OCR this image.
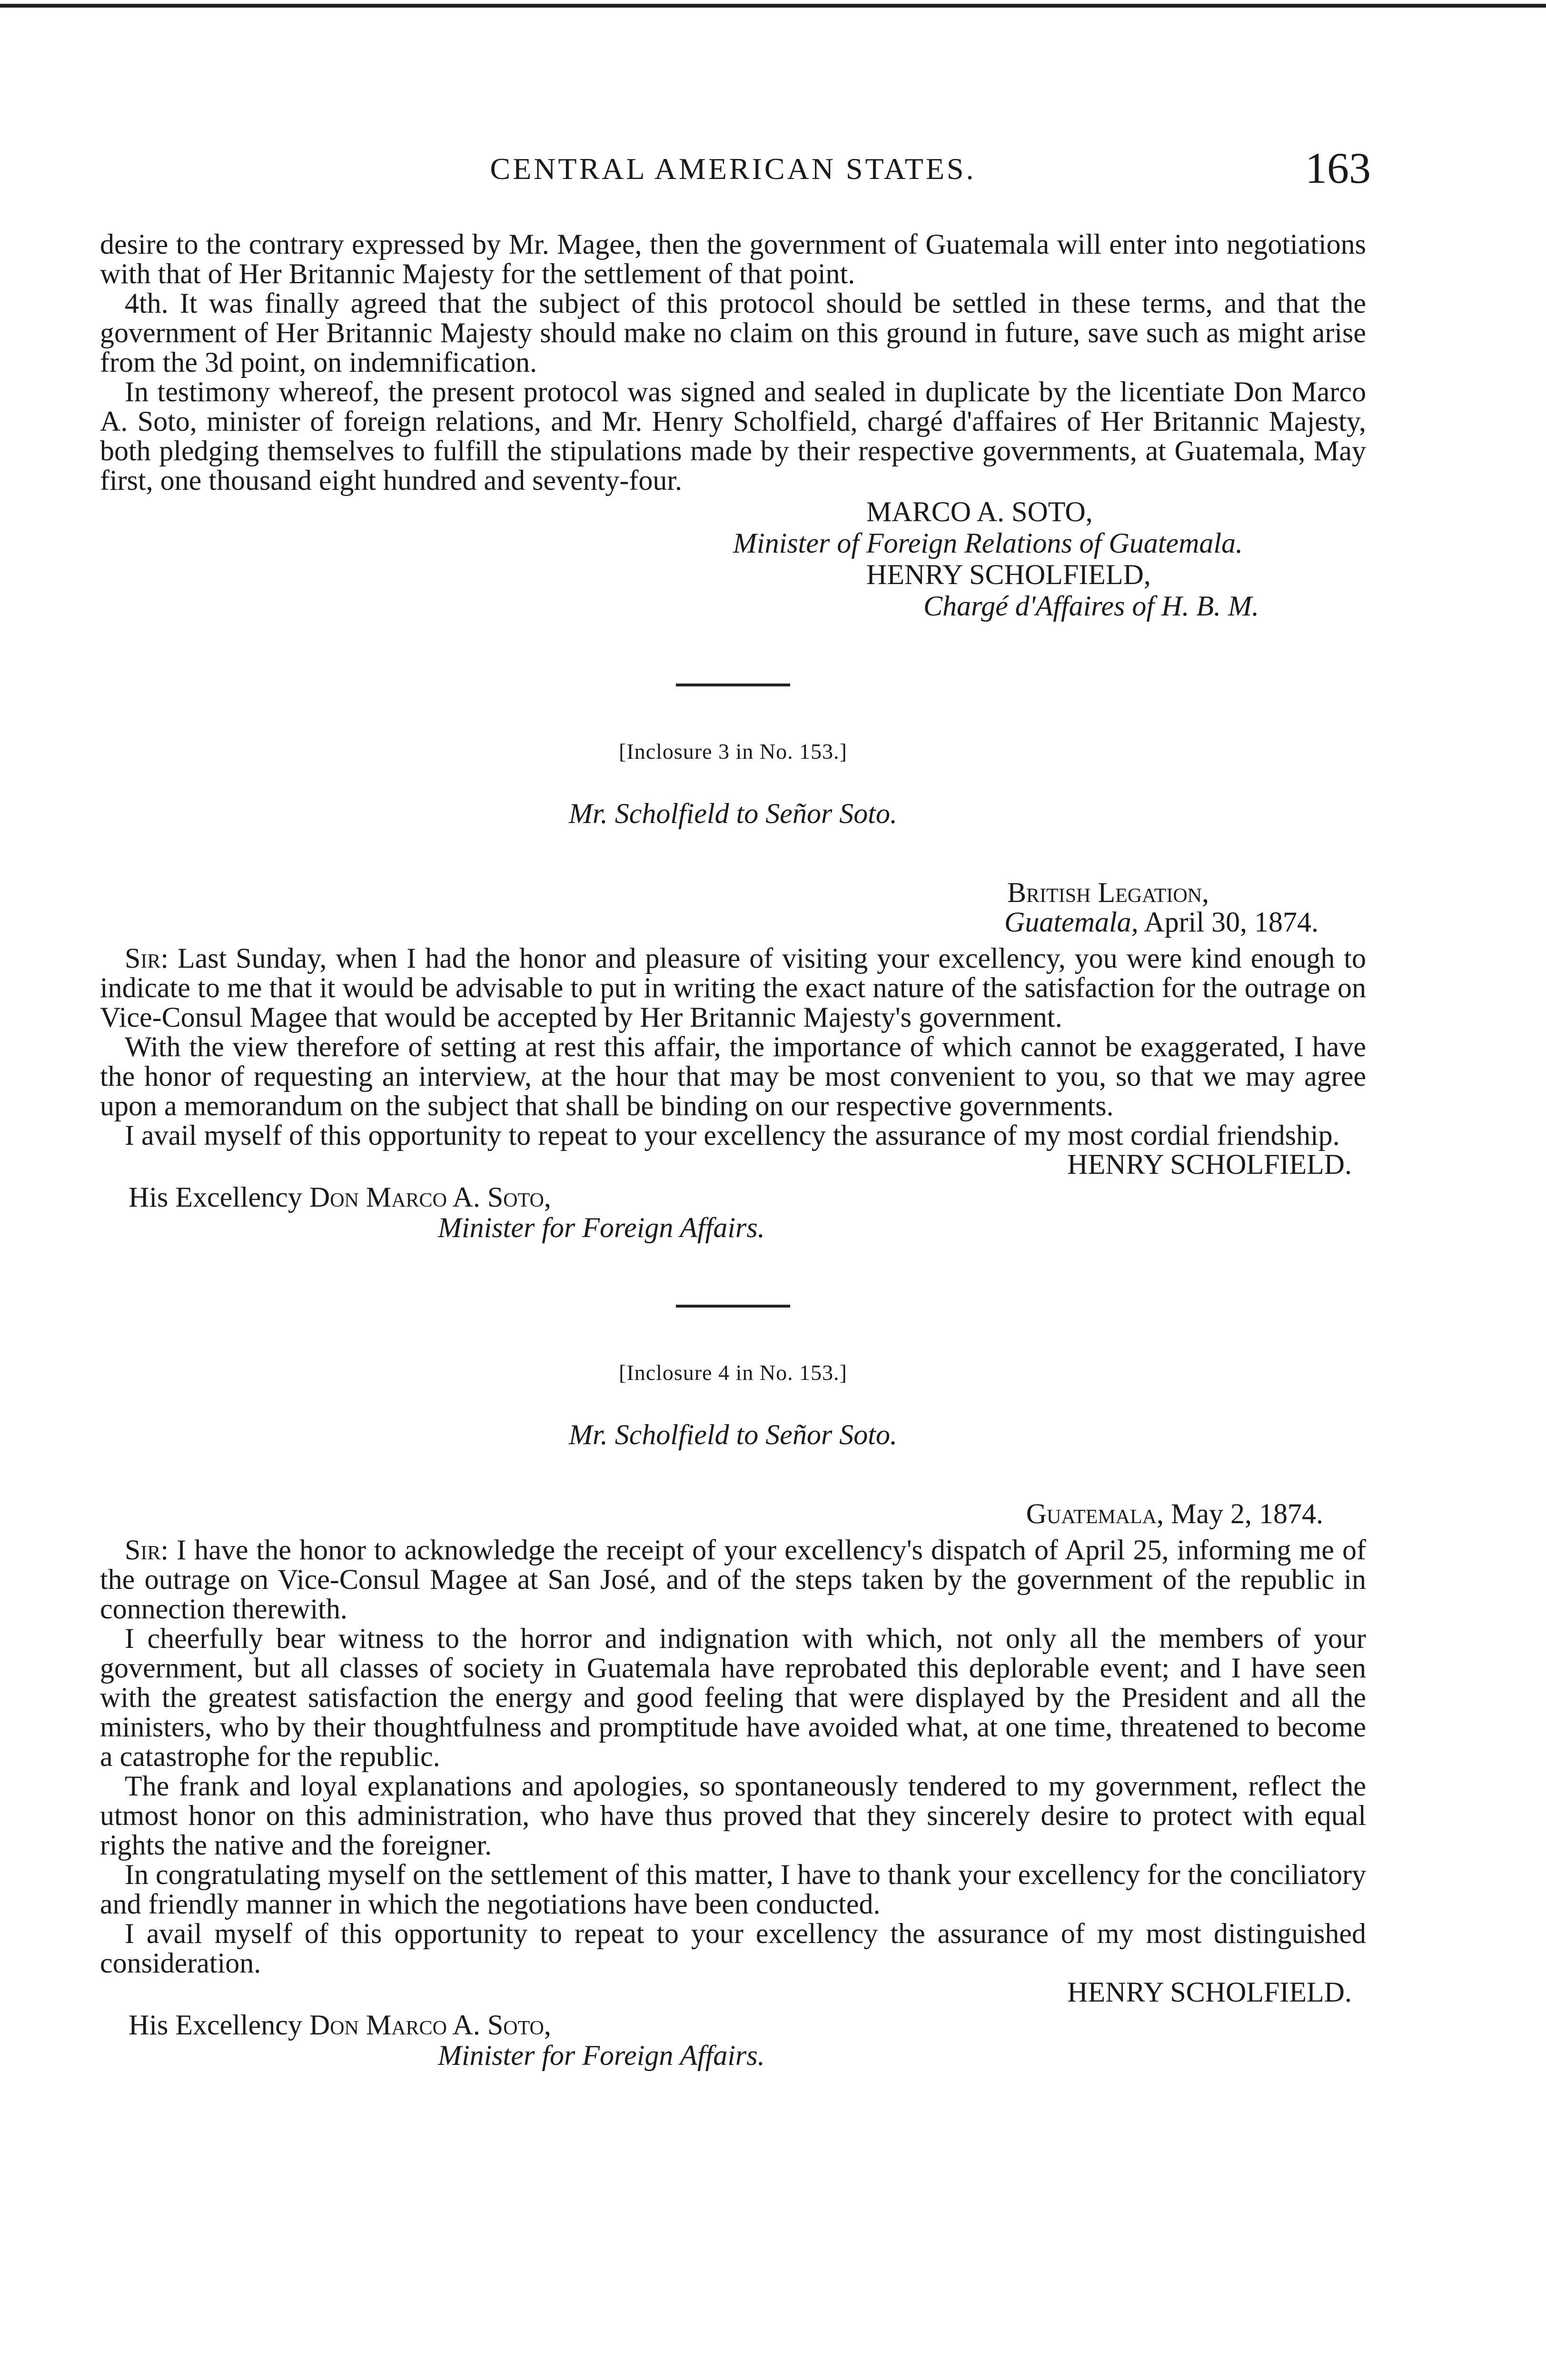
CENTRAL AMERICAN STATES.	163

desire to the contrary expressed by Mr. Magee, then the government of Guatemala will enter into negotiations with that of Her Britannic Majesty for the settlement of that point.

4th. It was finally agreed that the subject of this protocol should be settled in these terms, and that the government of Her Britannic Majesty should make no claim on this ground in future, save such as might arise from the 3d point, on indemnification.

In testimony whereof, the present protocol was signed and sealed in duplicate by the licentiate Don Marco A. Soto, minister of foreign relations, and Mr. Henry Scholfield, chargé d'affaires of Her Britannic Majesty, both pledging themselves to fulfill the stipulations made by their respective governments, at Guatemala, May first, one thousand eight hundred and seventy-four.

MARCO A. SOTO,
Minister of Foreign Relations of Guatemala.
HENRY SCHOLFIELD,
Chargé d'Affaires of H. B. M.
[Inclosure 3 in No. 153.]
Mr. Scholfield to Señor Soto.
British Legation,
Guatemala, April 30, 1874.

Sir: Last Sunday, when I had the honor and pleasure of visiting your excellency, you were kind enough to indicate to me that it would be advisable to put in writing the exact nature of the satisfaction for the outrage on Vice-Consul Magee that would be accepted by Her Britannic Majesty's government.

With the view therefore of setting at rest this affair, the importance of which cannot be exaggerated, I have the honor of requesting an interview, at the hour that may be most convenient to you, so that we may agree upon a memorandum on the subject that shall be binding on our respective governments.

I avail myself of this opportunity to repeat to your excellency the assurance of my most cordial friendship.

HENRY SCHOLFIELD.
His Excellency Don Marco A. Soto,
Minister for Foreign Affairs.
[Inclosure 4 in No. 153.]
Mr. Scholfield to Señor Soto.
Guatemala, May 2, 1874.

Sir: I have the honor to acknowledge the receipt of your excellency's dispatch of April 25, informing me of the outrage on Vice-Consul Magee at San José, and of the steps taken by the government of the republic in connection therewith.

I cheerfully bear witness to the horror and indignation with which, not only all the members of your government, but all classes of society in Guatemala have reprobated this deplorable event; and I have seen with the greatest satisfaction the energy and good feeling that were displayed by the President and all the ministers, who by their thoughtfulness and promptitude have avoided what, at one time, threatened to become a catastrophe for the republic.

The frank and loyal explanations and apologies, so spontaneously tendered to my government, reflect the utmost honor on this administration, who have thus proved that they sincerely desire to protect with equal rights the native and the foreigner.

In congratulating myself on the settlement of this matter, I have to thank your excellency for the conciliatory and friendly manner in which the negotiations have been conducted.

I avail myself of this opportunity to repeat to your excellency the assurance of my most distinguished consideration.

HENRY SCHOLFIELD.
His Excellency Don Marco A. Soto,
Minister for Foreign Affairs.
